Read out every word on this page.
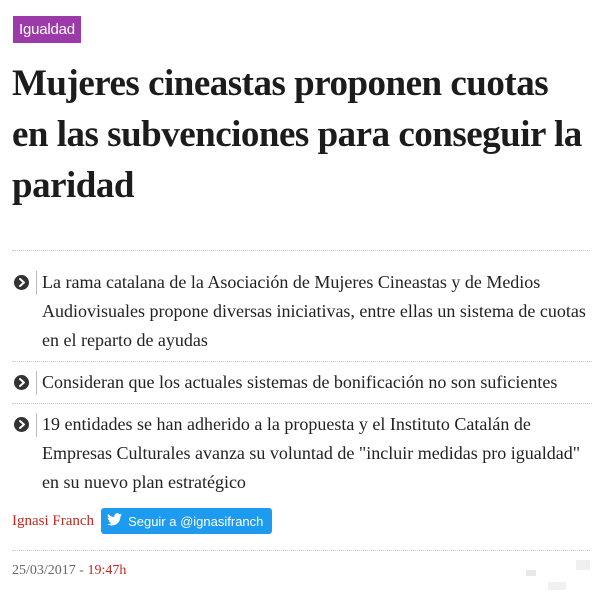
Igualdad
Mujeres cineastas proponen cuotas en las subvenciones para conseguir la paridad
La rama catalana de la Asociación de Mujeres Cineastas y de Medios Audiovisuales propone diversas iniciativas, entre ellas un sistema de cuotas en el reparto de ayudas
Consideran que los actuales sistemas de bonificación no son suficientes
19 entidades se han adherido a la propuesta y el Instituto Catalán de Empresas Culturales avanza su voluntad de "incluir medidas pro igualdad" en su nuevo plan estratégico
Ignasi Franch	Seguir a @ignasifranch
25/03/2017 - 19:47h
